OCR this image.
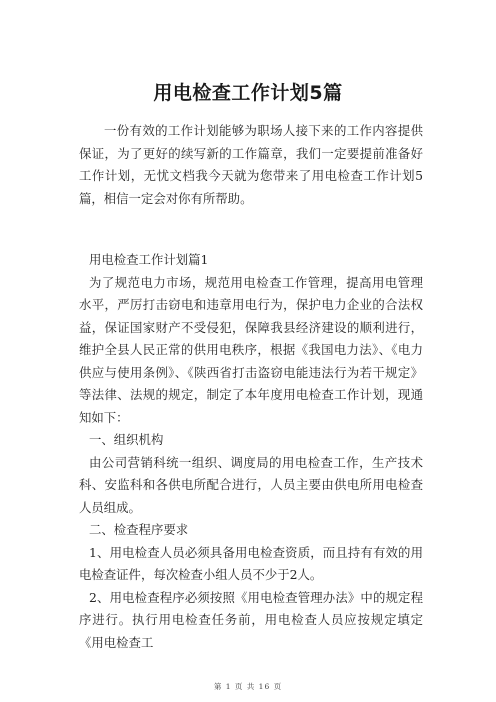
用电检查工作计划5篇
一份有效的工作计划能够为职场人接下来的工作内容提供保证，为了更好的续写新的工作篇章，我们一定要提前准备好工作计划，无忧文档我今天就为您带来了用电检查工作计划5篇，相信一定会对你有所帮助。

用电检查工作计划篇1

为了规范电力市场，规范用电检查工作管理，提高用电管理水平，严厉打击窃电和违章用电行为，保护电力企业的合法权益，保证国家财产不受侵犯，保障我县经济建设的顺利进行，维护全县人民正常的供用电秩序，根据《我国电力法》、《电力供应与使用条例》、《陕西省打击盗窃电能违法行为若干规定》等法律、法规的规定，制定了本年度用电检查工作计划，现通知如下：

一、组织机构

由公司营销科统一组织、调度局的用电检查工作，生产技术科、安监科和各供电所配合进行，人员主要由供电所用电检查人员组成。

二、检查程序要求

1、用电检查人员必须具备用电检查资质，而且持有有效的用电检查证件，每次检查小组人员不少于2人。

2、用电检查程序必须按照《用电检查管理办法》中的规定程序进行。执行用电检查任务前，用电检查人员应按规定填定《用电检查工

第 1 页 共 16 页
